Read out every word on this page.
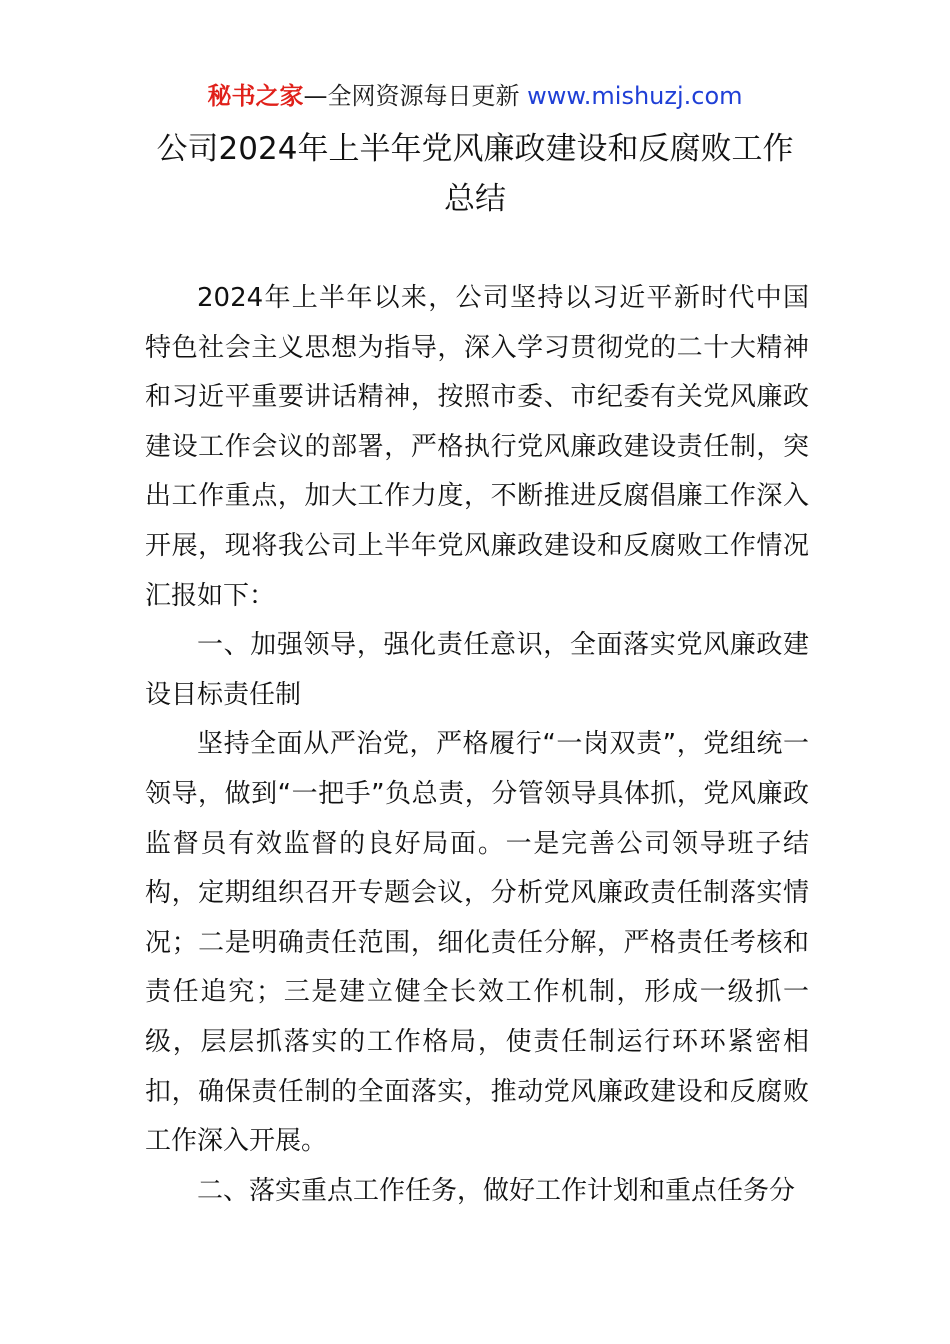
秘书之家—全网资源每日更新 www.mishuzj.com
公司2024年上半年党风廉政建设和反腐败工作
总结

2024年上半年以来，公司坚持以习近平新时代中国特色社会主义思想为指导，深入学习贯彻党的二十大精神和习近平重要讲话精神，按照市委、市纪委有关党风廉政建设工作会议的部署，严格执行党风廉政建设责任制，突出工作重点，加大工作力度，不断推进反腐倡廉工作深入开展，现将我公司上半年党风廉政建设和反腐败工作情况汇报如下：

一、加强领导，强化责任意识，全面落实党风廉政建设目标责任制

坚持全面从严治党，严格履行“一岗双责”，党组统一领导，做到“一把手”负总责，分管领导具体抓，党风廉政监督员有效监督的良好局面。一是完善公司领导班子结构，定期组织召开专题会议，分析党风廉政责任制落实情况；二是明确责任范围，细化责任分解，严格责任考核和责任追究；三是建立健全长效工作机制，形成一级抓一级，层层抓落实的工作格局，使责任制运行环环紧密相扣，确保责任制的全面落实，推动党风廉政建设和反腐败工作深入开展。

二、落实重点工作任务，做好工作计划和重点任务分
